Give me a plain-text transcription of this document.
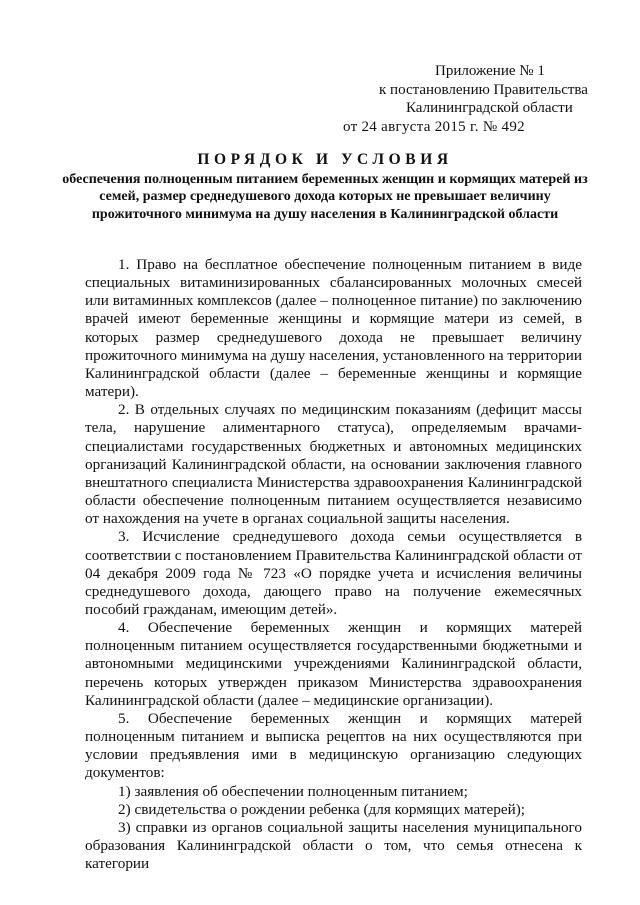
Приложение № 1
к постановлению Правительства
Калининградской области
от 24 августа 2015 г. № 492
ПОРЯДОК И УСЛОВИЯ
обеспечения полноценным питанием беременных женщин и кормящих матерей из семей, размер среднедушевого дохода которых не превышает величину прожиточного минимума на душу населения в Калининградской области

1. Право на бесплатное обеспечение полноценным питанием в виде специальных витаминизированных сбалансированных молочных смесей или витаминных комплексов (далее – полноценное питание) по заключению врачей имеют беременные женщины и кормящие матери из семей, в которых размер среднедушевого дохода не превышает величину прожиточного минимума на душу населения, установленного на территории Калининградской области (далее – беременные женщины и кормящие матери).

2. В отдельных случаях по медицинским показаниям (дефицит массы тела, нарушение алиментарного статуса), определяемым врачами-специалистами государственных бюджетных и автономных медицинских организаций Калининградской области, на основании заключения главного внештатного специалиста Министерства здравоохранения Калининградской области обеспечение полноценным питанием осуществляется независимо от нахождения на учете в органах социальной защиты населения.

3. Исчисление среднедушевого дохода семьи осуществляется в соответствии с постановлением Правительства Калининградской области от 04 декабря 2009 года № 723 «О порядке учета и исчисления величины среднедушевого дохода, дающего право на получение ежемесячных пособий гражданам, имеющим детей».

4. Обеспечение беременных женщин и кормящих матерей полноценным питанием осуществляется государственными бюджетными и автономными медицинскими учреждениями Калининградской области, перечень которых утвержден приказом Министерства здравоохранения Калининградской области (далее – медицинские организации).

5. Обеспечение беременных женщин и кормящих матерей полноценным питанием и выписка рецептов на них осуществляются при условии предъявления ими в медицинскую организацию следующих документов:

1) заявления об обеспечении полноценным питанием;

2) свидетельства о рождении ребенка (для кормящих матерей);

3) справки из органов социальной защиты населения муниципального образования Калининградской области о том, что семья отнесена к категории
